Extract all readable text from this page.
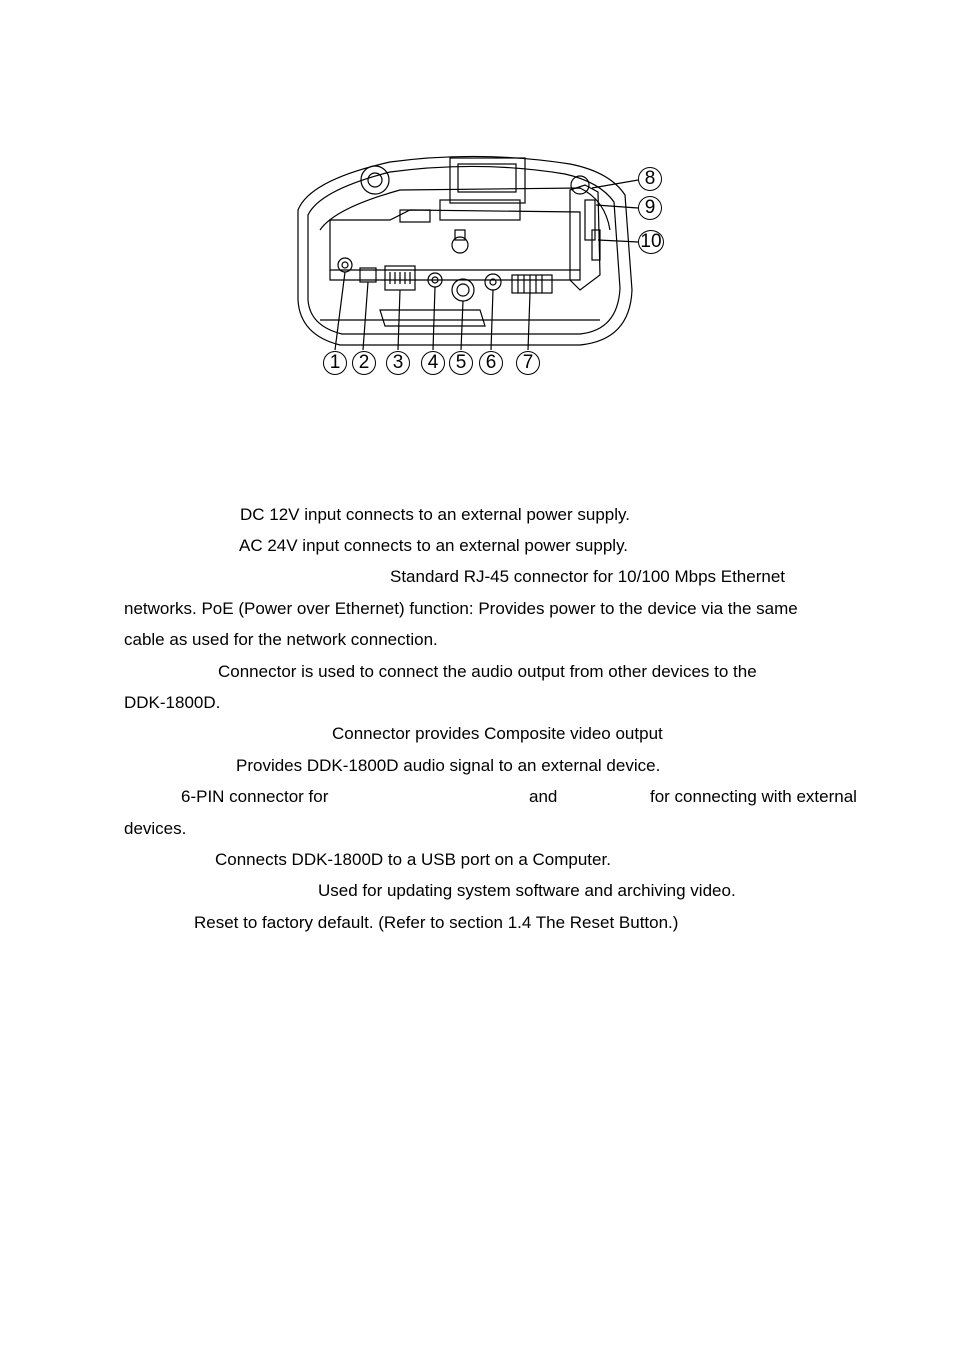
1 2	3	4 5	6	7
8
9
10
DC 12V input connects to an external power supply.
AC 24V input connects to an external power supply.
Standard RJ-45 connector for 10/100 Mbps Ethernet
networks. PoE (Power over Ethernet) function: Provides power to the device via the same
cable as used for the network connection.
Connector is used to connect the audio output from other devices to the
DDK-1800D.
Connector provides Composite video output
Provides DDK-1800D audio signal to an external device.
6-PIN connector for	and	for connecting with external
devices.
Connects DDK-1800D to a USB port on a Computer.
Used for updating system software and archiving video.
Reset to factory default. (Refer to section 1.4 The Reset Button.)
